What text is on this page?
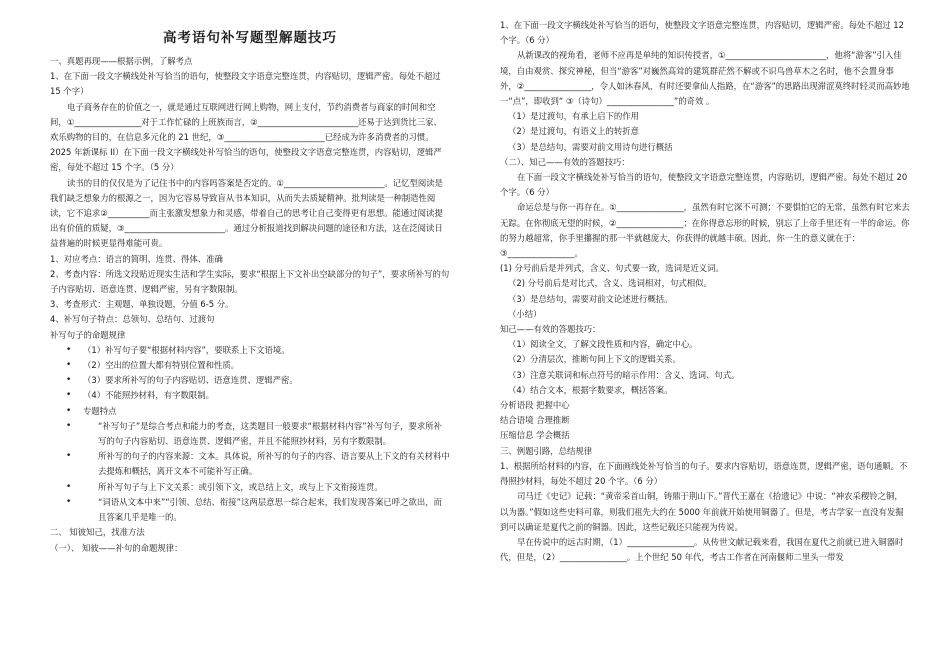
高考语句补写题型解题技巧

一、真题再现——根据示例，了解考点

1、在下面一段文字横线处补写恰当的语句，使整段文字语意完整连贯，内容贴切，逻辑严密。每处不超过 15 个字）

电子商务存在的价值之一，就是通过互联网进行网上购物，网上支付，节约消费者与商家的时间和空间，①________________对于工作忙碌的上班族而言，②________________________还易于达到货比三家、欢乐购物的目的，在信息多元化的 21 世纪，③________________________已经成为许多消费者的习惯。

2025 年新课标 II）在下面一段文字横线处补写恰当的语句，使整段文字语意完整连贯，内容贴切，逻辑严密，每处不超过 15 个字。（5 分）

读书的目的仅仅是为了记住书中的内容吗答案是否定的。①________________________。记忆型阅读是我们缺乏想象力的根源之一，因为它容易导致盲从书本知识，从而失去质疑精神。批判读是一种制造性阅读，它不追求②__________而主张激发想象力和灵感，带着自己的思考让自己变得更有思想。能通过阅读提出有价值的质疑，③________________________。通过分析报道找到解决问题的途径和方法，这在泛阅读日益普遍的时候更显得难能可贵。

1、对应考点：语言的简明、连贯、得体、准确

2、考查内容：所选文段贴近现实生活和学生实际，要求“根据上下文补出空缺部分的句子”，要求所补写的句子内容贴切、语意连贯、逻辑严密，另有字数限制。

3、考查形式：主观题、单独设题，分值 6-5 分。

4、补写句子特点：总领句、总结句、过渡句

补写句子的命题规律

• （1）补写句子要“根据材料内容”，要联系上下文语境。

• （2）空出的位置大都有特别位置和性质。

• （3）要求所补写的句子内容贴切、语意连贯、逻辑严密。

• （4）不能照抄材料，有字数限制。

• 专题特点

• “补写句子”是综合考点和能力的考查，这类题目一般要求“根据材料内容”补写句子，要求所补写的句子内容贴切、语意连贯、逻辑严密，并且不能照抄材料，另有字数限制。

• 所补写的句子的内容来源：文本。具体说，所补写的句子的内容、语言要从上下文的有关材料中去提炼和概括，离开文本不可能补写正确。

• 所补写句子与上下文关系：或引领下文，或总结上文，或与上下文衔接连贯。

• “词语从文本中来”“引领、总结、衔接”这两层意思一综合起来，我们发现答案已呼之欲出，而且答案几乎是唯一的。

二、 知彼知己，找准方法

（一）、 知彼——补句的命题规律：

1、在下面一段文字横线处补写恰当的语句，使整段文字语意完整连贯，内容贴切，逻辑严密。每处不超过 12 个字。（6 分）

从新课改的视角看，老师不应再是单纯的知识传授者，①________________________，他将“游客”引入佳境，自由观赏、探究神秘，但当“游客”对巍然高耸的建筑群茫然不解或不识鸟兽草木之名时，他不会置身事外，②________________，令人如沐春风，有时还要拿仙人指路，在“游客”的思路出现滞涩莫终时轻灵而高妙地一“点”，即收到“ ③（诗句）________________”的奇效 。

（1）是过渡句，有承上启下的作用

（2）是过渡句，有语义上的转折意

（3）是总结句，需要对前文用诗句进行概括

（二）、知己——有效的答题技巧：

在下面一段文字横线处补写恰当的语句，使整段文字语意完整连贯，内容贴切，逻辑严密。每处不超过 20 个字。（6 分）

命运总是与你一再存在。①________________，虽然有时它深不可测；不要惧怕它的无常，虽然有时它来去无踪。在你彻底无望的时候，②________________；在你得意忘形的时候，别忘了上帝手里还有一半的命运。你的努力越超常，你手里攥握的那一半就越庞大，你获得的就越丰硕。因此，你一生的意义就在于：③________________。

(1) 分号前后是并列式，含义、句式要一致，选词是近义词。

（2) 分号前后是对比式，含义、选词相对，句式相似。

（3）是总结句，需要对前文论述进行概括。

（小结）

知己——有效的答题技巧：

（1）阅读全文，了解文段性质和内容，确定中心。

（2）分清层次，推断句间上下文的逻辑关系。

（3）注意关联词和标点符号的暗示作用：含义、选词、句式。

（4）结合文本，根据字数要求，概括答案。

分析语段 把握中心

结合语境 合理推断

压缩信息 学会概括

三、例题引路，总结规律

1、根据所给材料的内容，在下面画线处补写恰当的句子。要求内容贴切，语意连贯，逻辑严密，语句通顺。不得照抄材料，每处不超过 20 个字。（6 分）

司马迁《史记》记载：“黄帝采首山铜，铸鼎于荆山下。”晋代王嘉在《拾遗记》中说：“神农采稷铃之铜，以为器。”假如这些史料可靠，则我们祖先大约在 5000 年前就开始使用铜器了。但是，考古学家一直没有发掘到可以确证是夏代之前的铜器。因此，这些记载还只能视为传说。

早在传说中的远古时期，（1）________________。从传世文献记载来看，我国在夏代之前就已进入铜器时代，但是，（2）________________。上个世纪 50 年代，考古工作者在河南偃师二里头一带发
